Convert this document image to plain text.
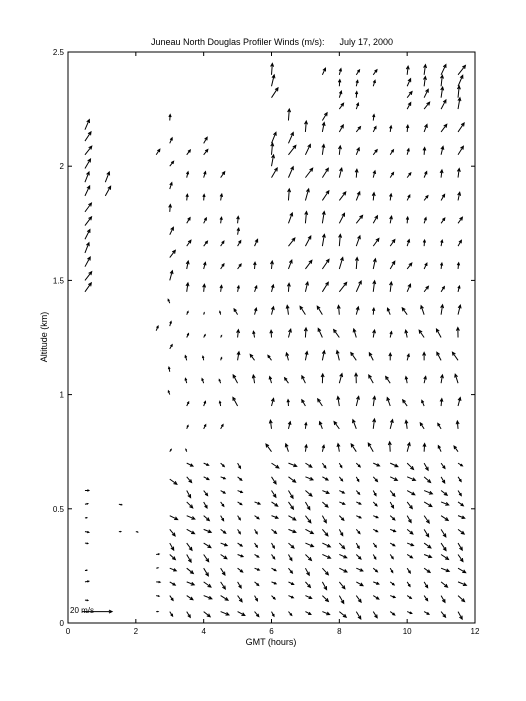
Juneau North Douglas Profiler Winds (m/s):      July 17, 2000
0	2	4	6	8	10	12
0
0.5
1
1.5
2
2.5
GMT (hours)
Altitude (km)
20 m/s
